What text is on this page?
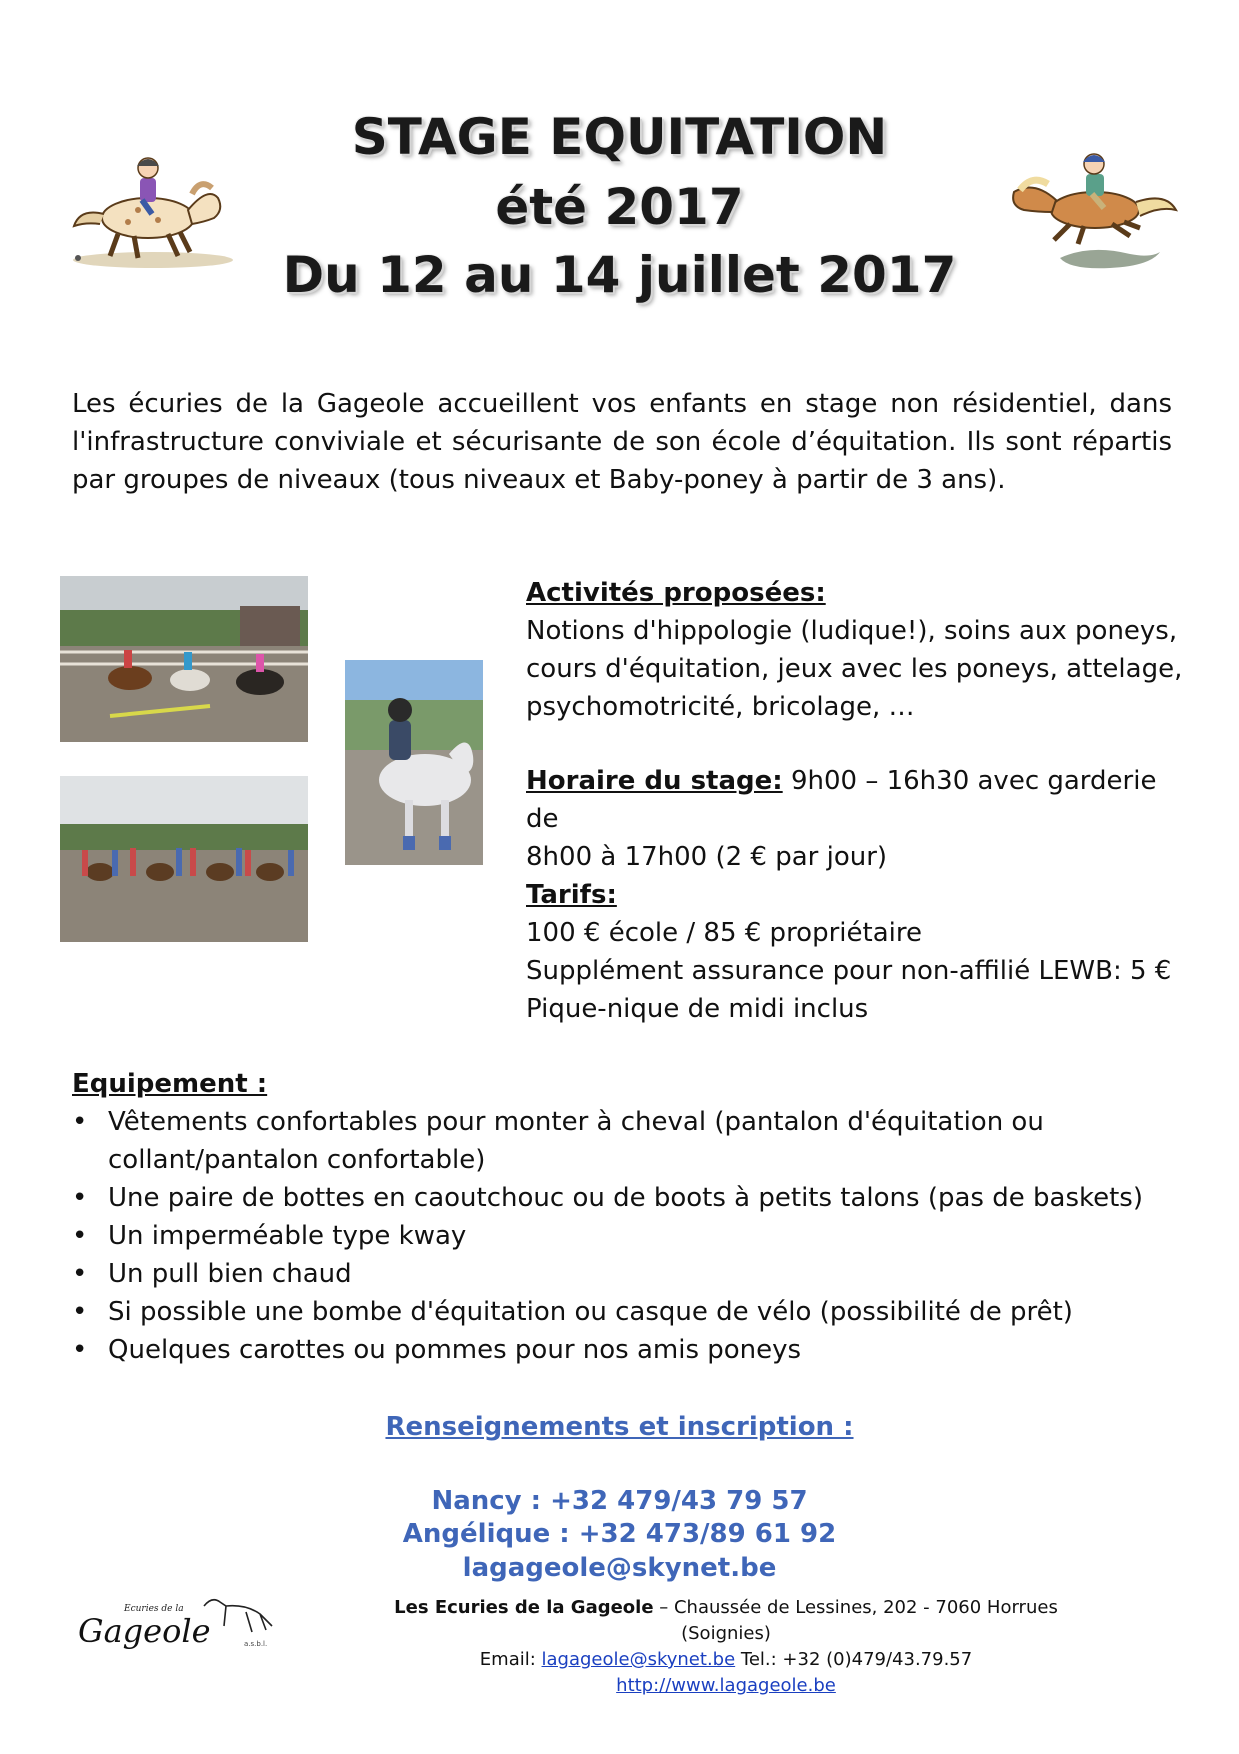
STAGE EQUITATION
été 2017
Du 12 au 14 juillet 2017
Les écuries de la Gageole accueillent vos enfants en stage non résidentiel, dans l'infrastructure conviviale et sécurisante de son école d’équitation. Ils sont répartis par groupes de niveaux (tous niveaux et Baby-poney à partir de 3 ans).
Activités proposées:
Notions d'hippologie (ludique!), soins aux poneys, cours d'équitation, jeux avec les poneys, attelage, psychomotricité, bricolage, …
Horaire du stage: 9h00 – 16h30 avec garderie de
8h00 à 17h00 (2 € par jour)
Tarifs:
100 € école / 85 € propriétaire
Supplément assurance pour non-affilié LEWB: 5 €
Pique-nique de midi inclus
Equipement :
• Vêtements confortables pour monter à cheval (pantalon d'équitation ou collant/pantalon confortable)
• Une paire de bottes en caoutchouc ou de boots à petits talons (pas de baskets)
• Un imperméable type kway
• Un pull bien chaud
• Si possible une bombe d'équitation ou casque de vélo (possibilité de prêt)
• Quelques carottes ou pommes pour nos amis poneys
Renseignements et inscription :
Nancy : +32 479/43 79 57
Angélique : +32 473/89 61 92
lagageole@skynet.be
Ecuries de la
Gageole	a.s.b.l.
Les Ecuries de la Gageole – Chaussée de Lessines, 202 - 7060 Horrues (Soignies)
Email: lagageole@skynet.be Tel.: +32 (0)479/43.79.57 http://www.lagageole.be
